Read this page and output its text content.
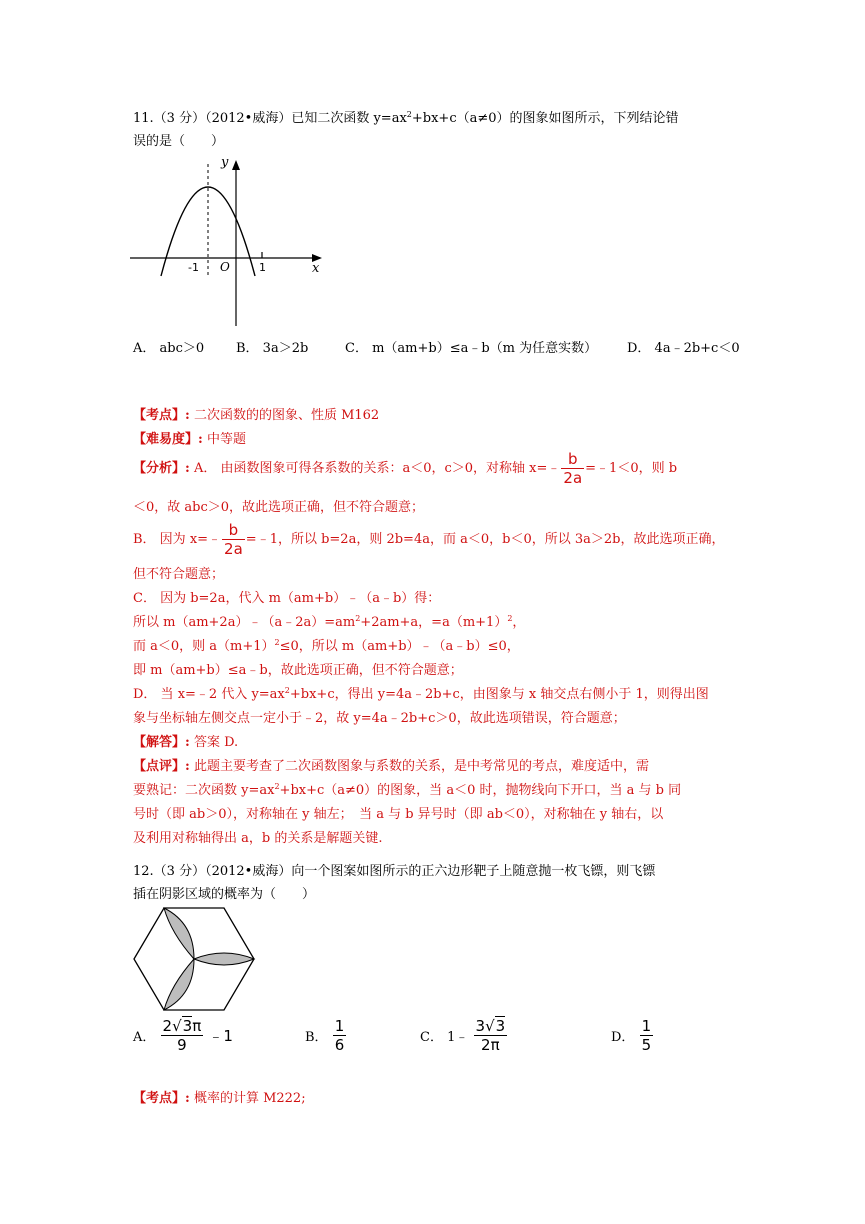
11.（3 分）（2012•威海）已知二次函数 $y=ax^2+bx+c(a\ne 0)$的图象如图所示，下列结论错
误的是（　　）
y
x
O
-1	1
A． abc＞0 B． 3a＞2b	C． m（am+b）≤a﹣b（m 为任意实数） D． 4a﹣2b+c＜0
【考点】: 二次函数的的图象、性质 M162
【难易度】: 中等题
【分析】: A． 由函数图象可得各系数的关系：a＜0，c＞0，对称轴 x=﹣ $\frac{b}{2a}$ =﹣1＜0，则 b
＜0，故 abc＞0，故此选项正确，但不符合题意；
B． 因为 x=﹣ $\frac{b}{2a}$ =﹣1，所以 b=2a，则 2b=4a，而 a＜0，b＜0，所以 3a＞2b，故此选项正确，
但不符合题意；
C． 因为 b=2a，代入 m（am+b）﹣（a﹣b）得：
所以 $m(am+2a)﹣(a﹣2a)=am^2+2am+a$，$=a(m+1)^2$，
而 a＜0，则 $a(m+1)^2\le 0$，所以 m（am+b）﹣（a﹣b）≤0，
即 m（am+b）≤a﹣b，故此选项正确，但不符合题意；
D． 当 x=﹣2 代入 $y=ax^2+bx+c$，得出 y=4a﹣2b+c，由图象与 x 轴交点右侧小于 1，则得出图
象与坐标轴左侧交点一定小于﹣2，故 y=4a﹣2b+c＞0，故此选项错误，符合题意；
【解答】: 答案 D.
【点评】: 此题主要考查了二次函数图象与系数的关系，是中考常见的考点，难度适中，需
要熟记：二次函数 $y=ax^2+bx+c(a\ne 0)$的图象，当 a＜0 时，抛物线向下开口，当 a 与 b 同
号时（即 ab＞0），对称轴在 y 轴左；　当 a 与 b 异号时（即 ab＜0），对称轴在 y 轴右，以
及利用对称轴得出 a，b 的关系是解题关键.
12.（3 分）（2012•威海）向一个图案如图所示的正六边形靶子上随意抛一枚飞镖，则飞镖
插在阴影区域的概率为（　　）
A． $\frac{2√3\pi}{9}$ ﹣1	B． $\frac{1}{6}$	C． 1﹣ $\frac{3√3}{2\pi}$	D． $\frac{1}{5}$
【考点】: 概率的计算 M222;
